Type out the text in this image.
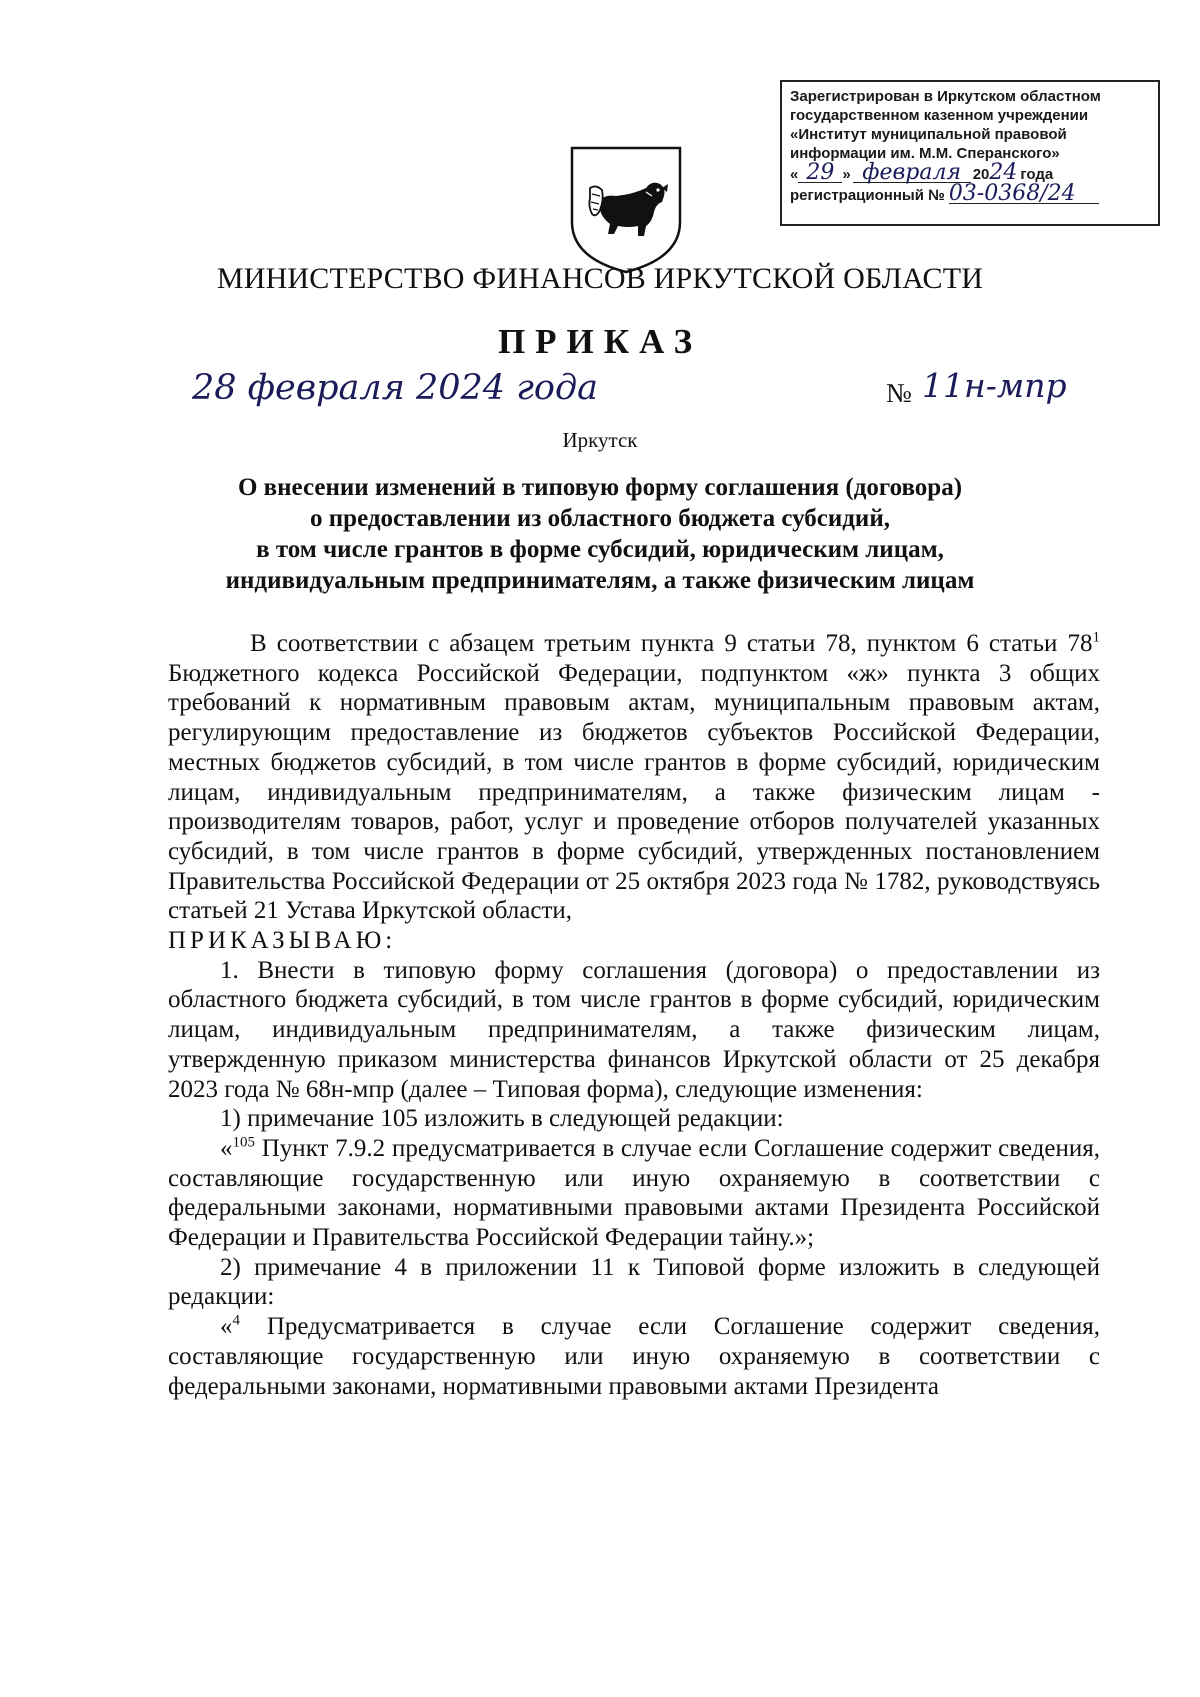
Зарегистрирован в Иркутском областном
государственном казенном учреждении
«Институт муниципальной правовой
информации им. М.М. Сперанского»
« 29 » февраля 20 24 года
регистрационный № 03-0368/24
МИНИСТЕРСТВО ФИНАНСОВ ИРКУТСКОЙ ОБЛАСТИ
ПРИКАЗ
28 февраля 2024 года	№ 11н-мпр
Иркутск
О внесении изменений в типовую форму соглашения (договора)
о предоставлении из областного бюджета субсидий,
в том числе грантов в форме субсидий, юридическим лицам,
индивидуальным предпринимателям, а также физическим лицам

В соответствии с абзацем третьим пункта 9 статьи 78, пунктом 6 статьи $78^1$ Бюджетного кодекса Российской Федерации, подпунктом «ж» пункта 3 общих требований к нормативным правовым актам, муниципальным правовым актам, регулирующим предоставление из бюджетов субъектов Российской Федерации, местных бюджетов субсидий, в том числе грантов в форме субсидий, юридическим лицам, индивидуальным предпринимателям, а также физическим лицам - производителям товаров, работ, услуг и проведение отборов получателей указанных субсидий, в том числе грантов в форме субсидий, утвержденных постановлением Правительства Российской Федерации от 25 октября 2023 года № 1782, руководствуясь статьей 21 Устава Иркутской области,

ПРИКАЗЫВАЮ:

1. Внести в типовую форму соглашения (договора) о предоставлении из областного бюджета субсидий, в том числе грантов в форме субсидий, юридическим лицам, индивидуальным предпринимателям, а также физическим лицам, утвержденную приказом министерства финансов Иркутской области от 25 декабря 2023 года № 68н-мпр (далее – Типовая форма), следующие изменения:

1) примечание 105 изложить в следующей редакции:

«$^{105}$ Пункт 7.9.2 предусматривается в случае если Соглашение содержит сведения, составляющие государственную или иную охраняемую в соответствии с федеральными законами, нормативными правовыми актами Президента Российской Федерации и Правительства Российской Федерации тайну.»;

2) примечание 4 в приложении 11 к Типовой форме изложить в следующей редакции:

«$^4$ Предусматривается в случае если Соглашение содержит сведения, составляющие государственную или иную охраняемую в соответствии с федеральными законами, нормативными правовыми актами Президента
